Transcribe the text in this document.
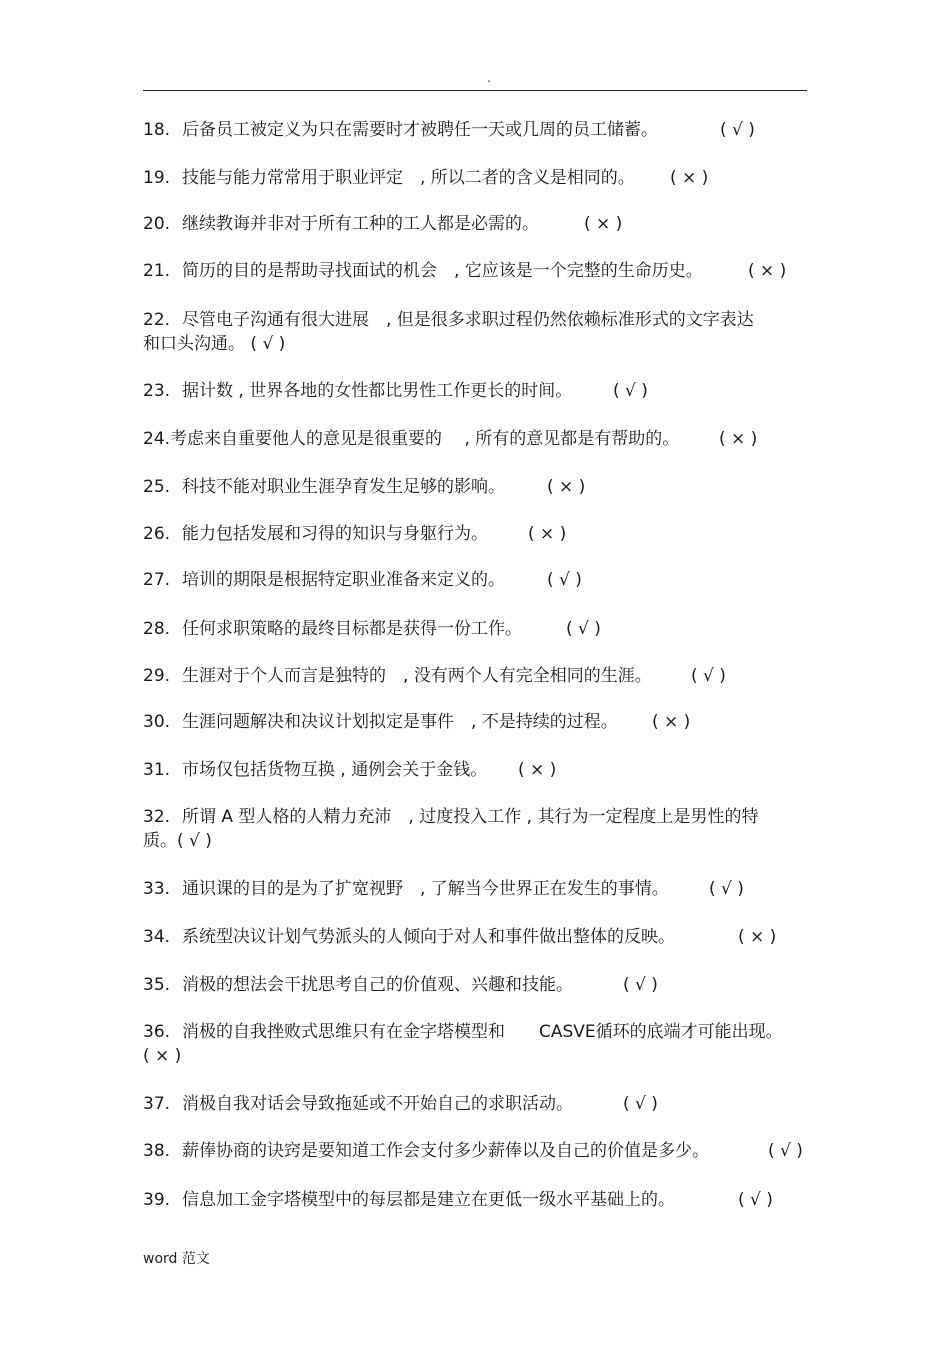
.
18. 后备员工被定义为只在需要时才被聘任一天或几周的员工储蓄。	( √ )
19. 技能与能力常常用于职业评定　, 所以二者的含义是相同的。 ( × )
20. 继续教诲并非对于所有工种的工人都是必需的。	( × )
21. 简历的目的是帮助寻找面试的机会　, 它应该是一个完整的生命历史。	( × )
22. 尽管电子沟通有很大进展　, 但是很多求职过程仍然依赖标准形式的文字表达
和口头沟通。 ( √ )
23. 据计数 , 世界各地的女性都比男性工作更长的时间。 ( √ )
24.考虑来自重要他人的意见是很重要的　 , 所有的意见都是有帮助的。 ( × )
25. 科技不能对职业生涯孕育发生足够的影响。 ( × )
26. 能力包括发展和习得的知识与身躯行为。 ( × )
27. 培训的期限是根据特定职业准备来定义的。 ( √ )
28. 任何求职策略的最终目标都是获得一份工作。	( √ )
29. 生涯对于个人而言是独特的　, 没有两个人有完全相同的生涯。 ( √ )
30. 生涯问题解决和决议计划拟定是事件　, 不是持续的过程。 ( × )
31. 市场仅包括货物互换 , 通例会关于金钱。 ( × )
32. 所谓 A 型人格的人精力充沛　, 过度投入工作 , 其行为一定程度上是男性的特
质。( √ )
33. 通识课的目的是为了扩宽视野　, 了解当今世界正在发生的事情。 ( √ )
34. 系统型决议计划气势派头的人倾向于对人和事件做出整体的反映。	( × )
35. 消极的想法会干扰思考自己的价值观、兴趣和技能。	( √ )
36. 消极的自我挫败式思维只有在金字塔模型和　　CASVE循环的底端才可能出现。
( × )
37. 消极自我对话会导致拖延或不开始自己的求职活动。	( √ )
38. 薪俸协商的诀窍是要知道工作会支付多少薪俸以及自己的价值是多少。	( √ )
39. 信息加工金字塔模型中的每层都是建立在更低一级水平基础上的。	( √ )
word 范文
